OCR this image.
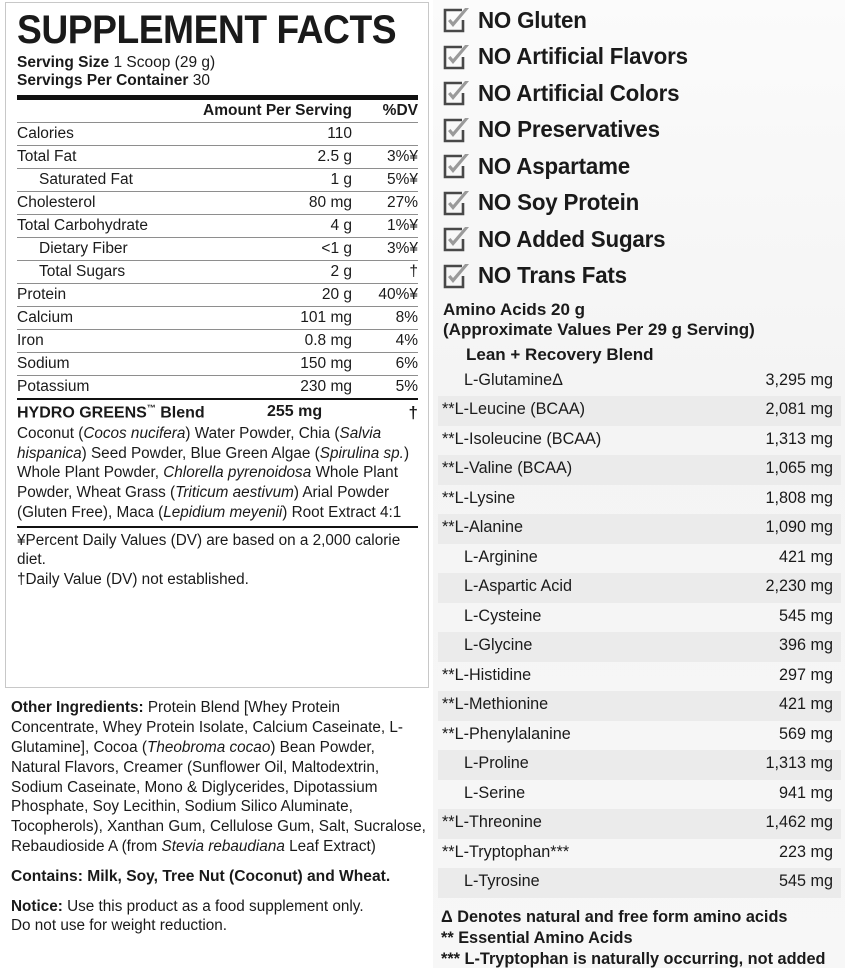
SUPPLEMENT FACTS
Serving Size 1 Scoop (29 g)
Servings Per Container 30
	Amount Per Serving	%DV
Calories	110	
Total Fat	2.5 g	3%¥
Saturated Fat	1 g	5%¥
Cholesterol	80 mg	27%
Total Carbohydrate	4 g	1%¥
Dietary Fiber	<1 g	3%¥
Total Sugars	2 g	†
Protein	20 g	40%¥
Calcium	101 mg	8%
Iron	0.8 mg	4%
Sodium	150 mg	6%
Potassium	230 mg	5%
HYDRO GREENS™ Blend	255 mg	†
Coconut (Cocos nucifera) Water Powder, Chia (Salvia hispanica) Seed Powder, Blue Green Algae (Spirulina sp.) Whole Plant Powder, Chlorella pyrenoidosa Whole Plant Powder, Wheat Grass (Triticum aestivum) Arial Powder (Gluten Free), Maca (Lepidium meyenii) Root Extract 4:1
¥Percent Daily Values (DV) are based on a 2,000 calorie diet.
†Daily Value (DV) not established.
Other Ingredients: Protein Blend [Whey Protein Concentrate, Whey Protein Isolate, Calcium Caseinate, L-Glutamine], Cocoa (Theobroma cocao) Bean Powder, Natural Flavors, Creamer (Sunflower Oil, Maltodextrin, Sodium Caseinate, Mono & Diglycerides, Dipotassium Phosphate, Soy Lecithin, Sodium Silico Aluminate, Tocopherols), Xanthan Gum, Cellulose Gum, Salt, Sucralose, Rebaudioside A (from Stevia rebaudiana Leaf Extract)
Contains: Milk, Soy, Tree Nut (Coconut) and Wheat.
Notice: Use this product as a food supplement only.
Do not use for weight reduction.
NO Gluten
NO Artificial Flavors
NO Artificial Colors
NO Preservatives
NO Aspartame
NO Soy Protein
NO Added Sugars
NO Trans Fats
Amino Acids 20 g
(Approximate Values Per 29 g Serving)
Lean + Recovery Blend
L-GlutamineΔ	3,295 mg
**L-Leucine (BCAA)	2,081 mg
**L-Isoleucine (BCAA)	1,313 mg
**L-Valine (BCAA)	1,065 mg
**L-Lysine	1,808 mg
**L-Alanine	1,090 mg
L-Arginine	421 mg
L-Aspartic Acid	2,230 mg
L-Cysteine	545 mg
L-Glycine	396 mg
**L-Histidine	297 mg
**L-Methionine	421 mg
**L-Phenylalanine	569 mg
L-Proline	1,313 mg
L-Serine	941 mg
**L-Threonine	1,462 mg
**L-Tryptophan***	223 mg
L-Tyrosine	545 mg
Δ Denotes natural and free form amino acids
** Essential Amino Acids
*** L-Tryptophan is naturally occurring, not added
